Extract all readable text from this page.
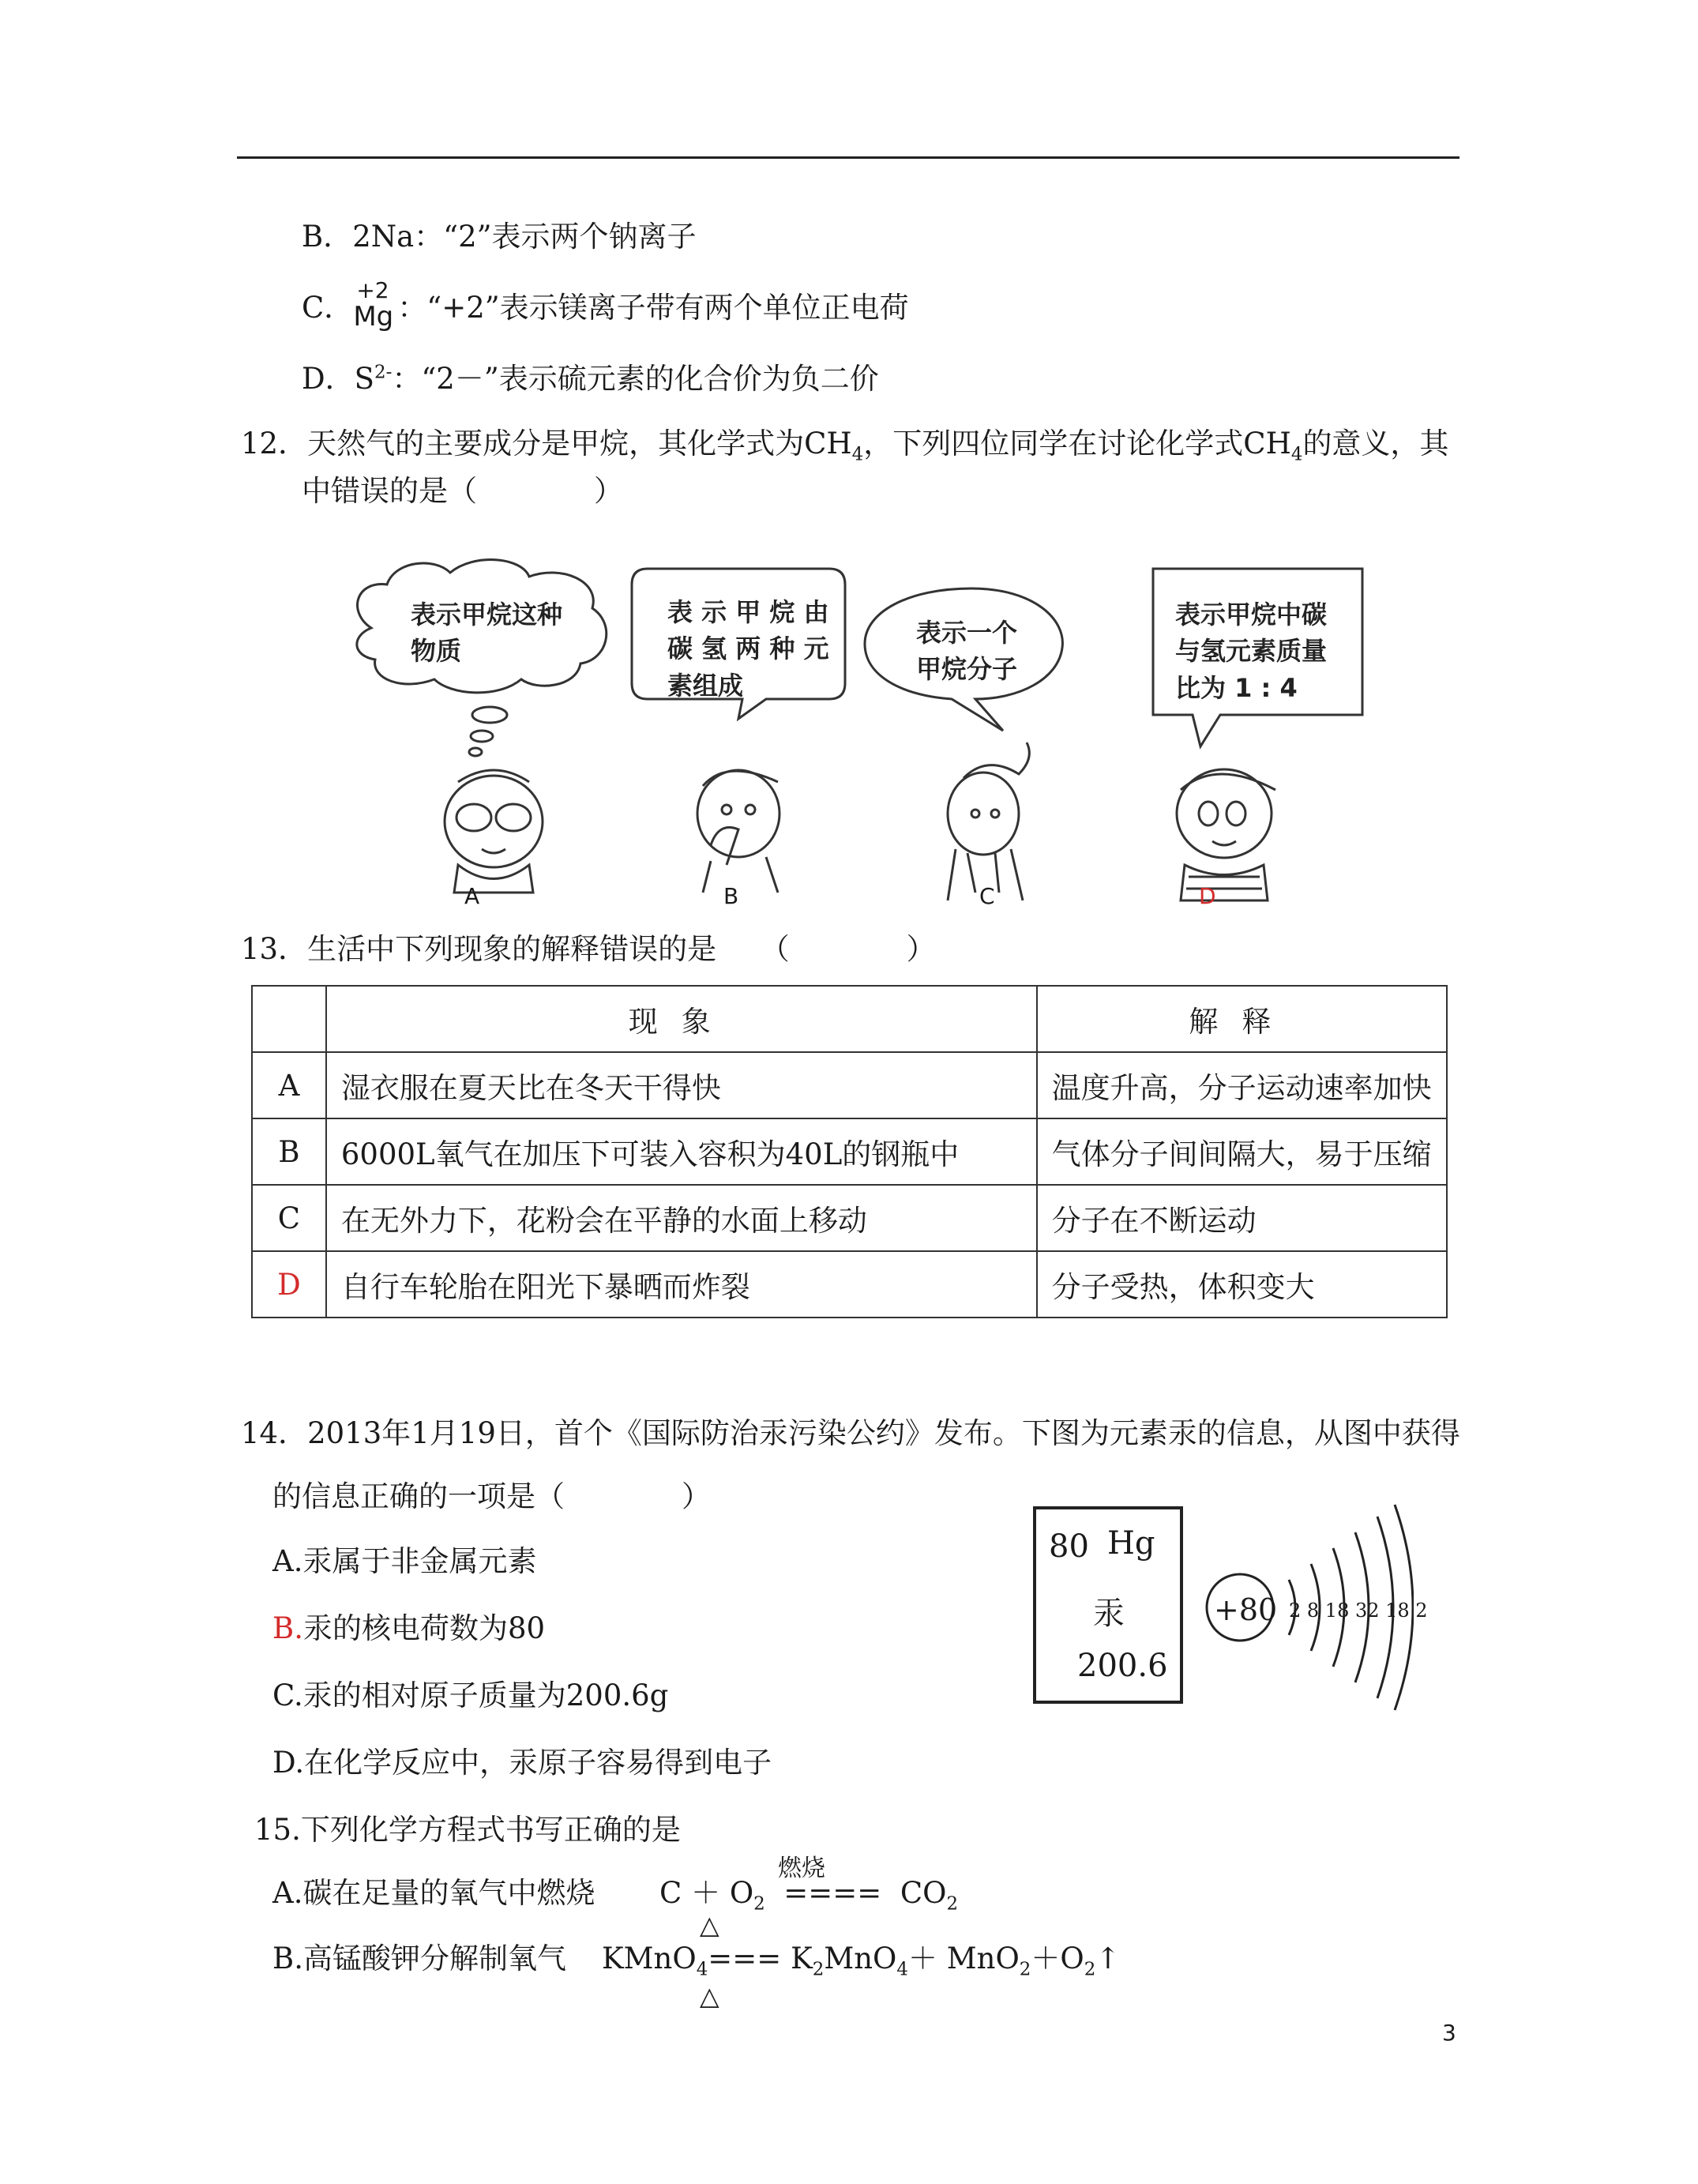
B．2Na：“2”表示两个钠离子
C．
+2
Mg ：“+2”表示镁离子带有两个单位正电荷
D．$S^{2-}$：“2－”表示硫元素的化合价为负二价
12．天然气的主要成分是甲烷，其化学式为$CH_4$，下列四位同学在讨论化学式$CH_4$的意义，其
中错误的是（　　　　）
表示甲烷这种
物质
表 示 甲 烷 由
碳 氢 两 种 元
素组成
表示一个
甲烷分子
表示甲烷中碳
与氢元素质量
比为 1 : 4
A	B	C	D
13．生活中下列现象的解释错误的是　　（　　　　）
	现象	解释
A	湿衣服在夏天比在冬天干得快	温度升高，分子运动速率加快
B	6000L氧气在加压下可装入容积为40L的钢瓶中	气体分子间间隔大，易于压缩
C	在无外力下，花粉会在平静的水面上移动	分子在不断运动
D	自行车轮胎在阳光下暴晒而炸裂	分子受热，体积变大
14．2013年1月19日，首个《国际防治汞污染公约》发布。下图为元素汞的信息，从图中获得
的信息正确的一项是（　　　　）
A.汞属于非金属元素
B.汞的核电荷数为80
C.汞的相对原子质量为200.6g
D.在化学反应中，汞原子容易得到电子
80 Hg
汞
200.6
+80 2 8 18 32 18 2
15.下列化学方程式书写正确的是
A.碳在足量的氧气中燃烧
燃烧
$C + O_2$ ==== $CO_2$
△
B.高锰酸钾分解制氧气 KMnO$_4$=== $K_2MnO_4+$ $MnO_2+O_2↑$
△
3
